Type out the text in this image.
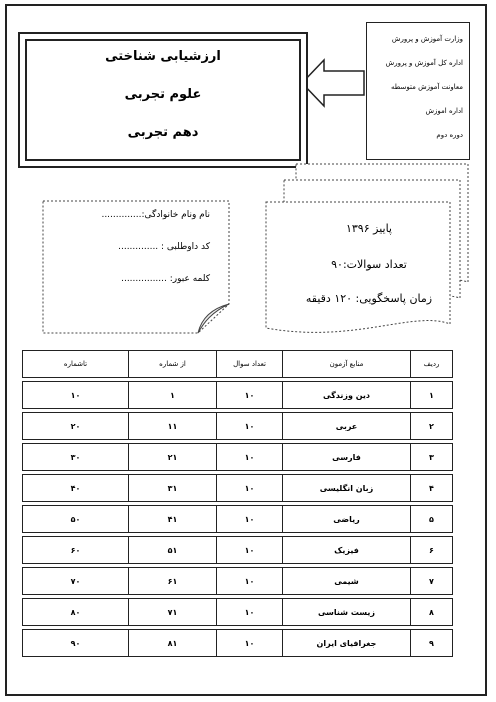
وزارت آموزش و پرورش
اداره کل آموزش و پرورش
معاونت آموزش متوسطه
اداره اموزش
دوره دوم
ارزشیابی شناختی
علوم تجربی
دهم تجربی
نام ونام خانوادگی:..............
کد داوطلبی : ..............
کلمه عبور: ................
پاییز ۱۳۹۶
تعداد سوالات:۹۰
زمان پاسخگویی: ۱۲۰ دقیقه
ردیف	منابع آزمون	تعداد سوال	از شماره	تاشماره

۱	دین وزندگی	۱۰	۱	۱۰

۲	عربی	۱۰	۱۱	۲۰

۳	فارسی	۱۰	۲۱	۳۰

۴	زبان انگلیسی	۱۰	۳۱	۴۰

۵	ریاضی	۱۰	۴۱	۵۰

۶	فیزیک	۱۰	۵۱	۶۰

۷	شیمی	۱۰	۶۱	۷۰

۸	زیست شناسی	۱۰	۷۱	۸۰

۹	جغرافیای ایران	۱۰	۸۱	۹۰
